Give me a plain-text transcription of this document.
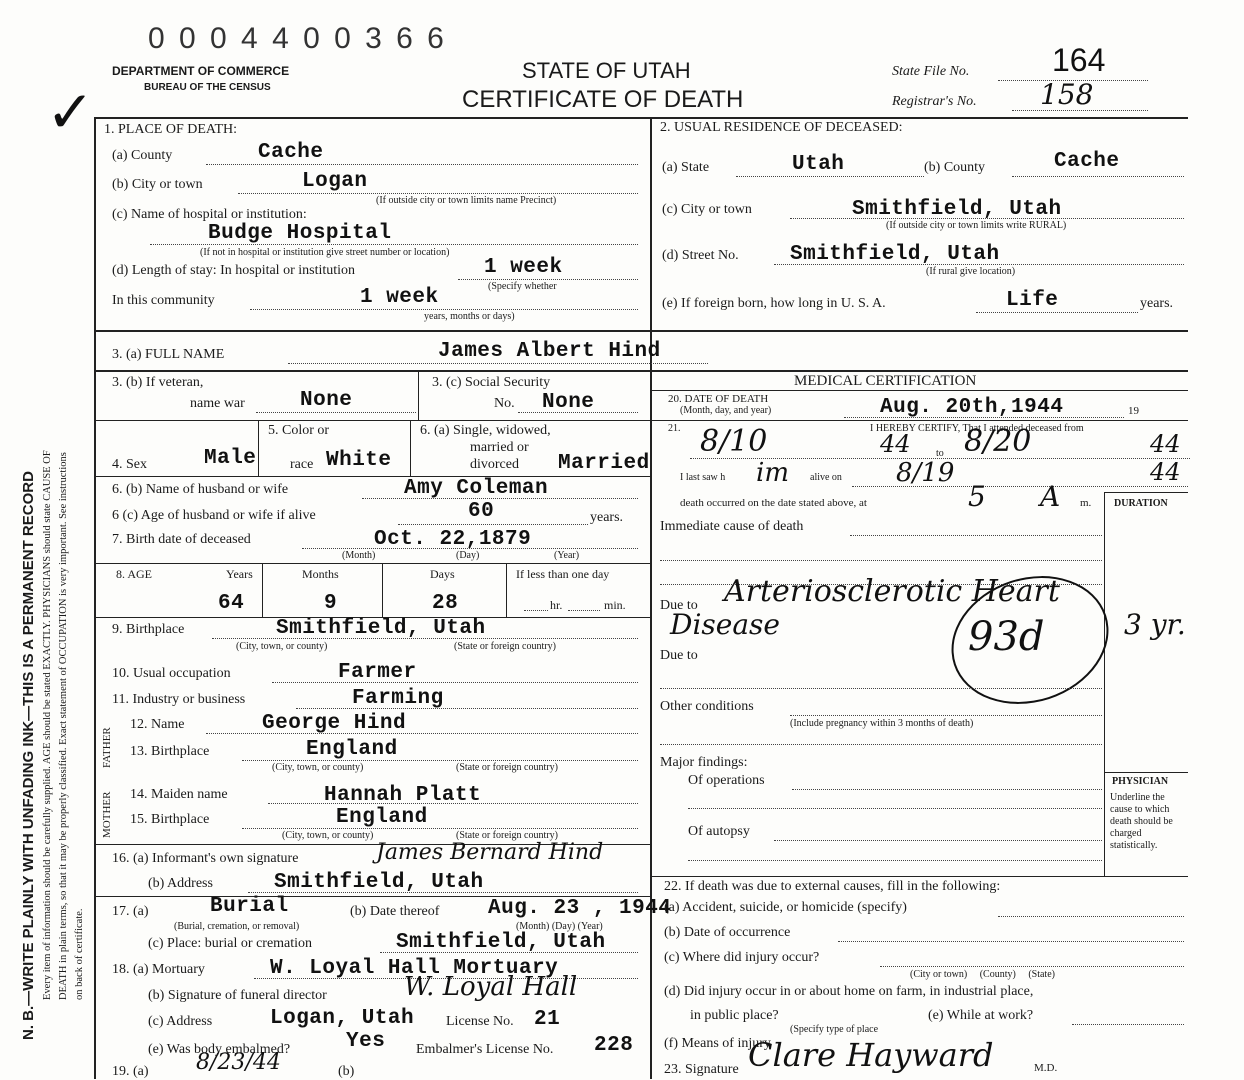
✓
N. B.—WRITE PLAINLY WITH UNFADING INK—THIS IS A PERMANENT RECORD Every item of information should be carefully supplied. AGE should be stated EXACTLY. PHYSICIANS should state CAUSE OF DEATH in plain terms, so that it may be properly classified. Exact statement of OCCUPATION is very important. See instructions on back of certificate.
0 0 0 4 4 0 0 3 6 6
DEPARTMENT OF COMMERCE
BUREAU OF THE CENSUS
STATE OF UTAH
CERTIFICATE OF DEATH
State File No.	164
Registrar's No. 158
1. PLACE OF DEATH:
(a) County	Cache
(b) City or town	Logan
(If outside city or town limits name Precinct)
(c) Name of hospital or institution:
Budge Hospital
(If not in hospital or institution give street number or location)
(d) Length of stay: In hospital or institution	1 week
(Specify whether
In this community	1 week
years, months or days)
2. USUAL RESIDENCE OF DECEASED:
(a) State	Utah	(b) County	Cache
(c) City or town	Smithfield, Utah
(If outside city or town limits write RURAL)
(d) Street No. Smithfield, Utah
(If rural give location)
(e) If foreign born, how long in U. S. A.	Life	years.
3. (a) FULL NAME	James Albert Hind
3. (b) If veteran,
name war	None
3. (c) Social Security
No. None
5. Color or	6. (a) Single, widowed,
married or
divorced
4. Sex	Male race White	Married
6. (b) Name of husband or wife	Amy Coleman
6 (c) Age of husband or wife if alive	60	years.
7. Birth date of deceased	Oct. 22,1879
(Month)	(Day)	(Year)
8. AGE	Years	Months	Days	If less than one day
64	9	28	hr.	min.
9. Birthplace	Smithfield, Utah
(City, town, or county)	(State or foreign country)
10. Usual occupation	Farmer
11. Industry or business	Farming
FATHER
MOTHER
12. Name	George Hind
13. Birthplace	England
(City, town, or county)	(State or foreign country)
14. Maiden name	Hannah Platt
15. Birthplace	England
(City, town, or county)	(State or foreign country)
16. (a) Informant's own signature	James Bernard Hind
(b) Address	Smithfield, Utah
17. (a)	Burial
(Burial, cremation, or removal)
(b) Date thereof Aug. 23 , 1944
(Month) (Day) (Year)
(c) Place: burial or cremation	Smithfield, Utah
18. (a) Mortuary	W. Loyal Hall Mortuary
(b) Signature of funeral director	W. Loyal Hall
(c) Address	Logan, Utah License No. 21
(e) Was body embalmed?	Yes Embalmer's License No. 228
19. (a) 8/23/44	(b)
MEDICAL CERTIFICATION
20. DATE OF DEATH
(Month, day, and year)	Aug. 20th,1944	19
I HEREBY CERTIFY, That I attended deceased from
21. 8/10	44	to 8/20	44
I last saw h im alive on 8/19	44
death occurred on the date stated above, at	5 A m. DURATION
Immediate cause of death
Due to Arteriosclerotic Heart
Disease	93d	3 yr.
Due to
Other conditions
(Include pregnancy within 3 months of death)
Major findings:
Of operations
Of autopsy
PHYSICIAN
Underline the cause to which death should be charged statistically.
22. If death was due to external causes, fill in the following:
(a) Accident, suicide, or homicide (specify)
(b) Date of occurrence
(c) Where did injury occur?
(City or town)     (County)     (State)
(d) Did injury occur in or about home on farm, in industrial place,
in public place?
(Specify type of place
(e) While at work?
(f) Means of injury
23. Signature Clare Hayward	M.D.
